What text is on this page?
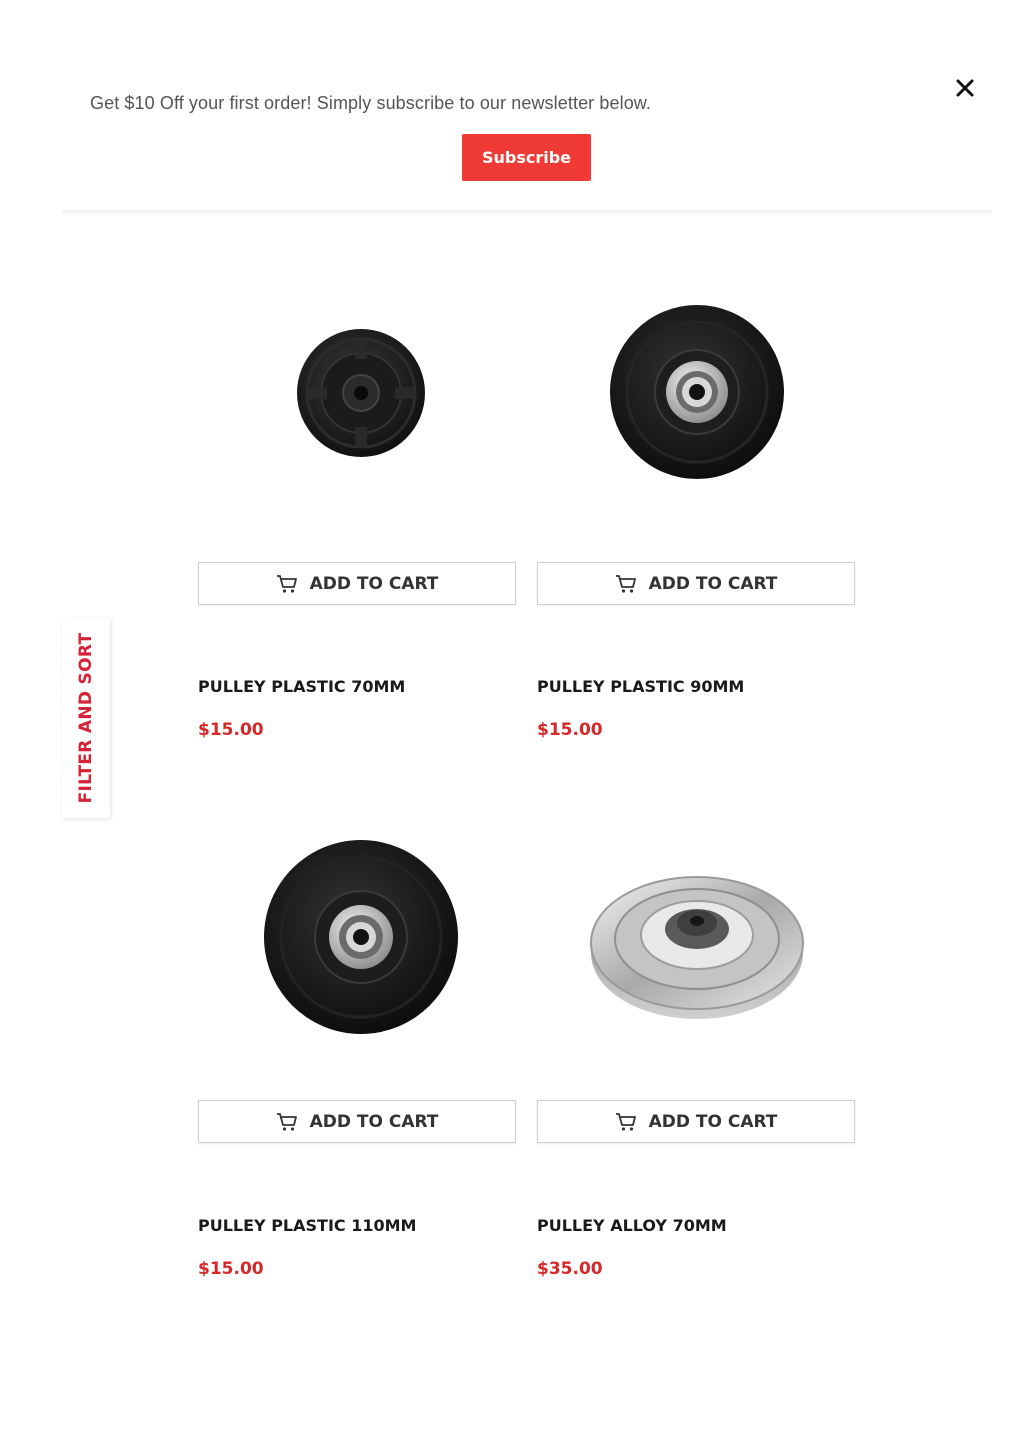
Get $10 Off your first order! Simply subscribe to our newsletter below.
Subscribe
FILTER AND SORT
ADD TO CART
PULLEY PLASTIC 70MM
$15.00
ADD TO CART
PULLEY PLASTIC 90MM
$15.00
ADD TO CART
PULLEY PLASTIC 110MM
$15.00
ADD TO CART
PULLEY ALLOY 70MM
$35.00
